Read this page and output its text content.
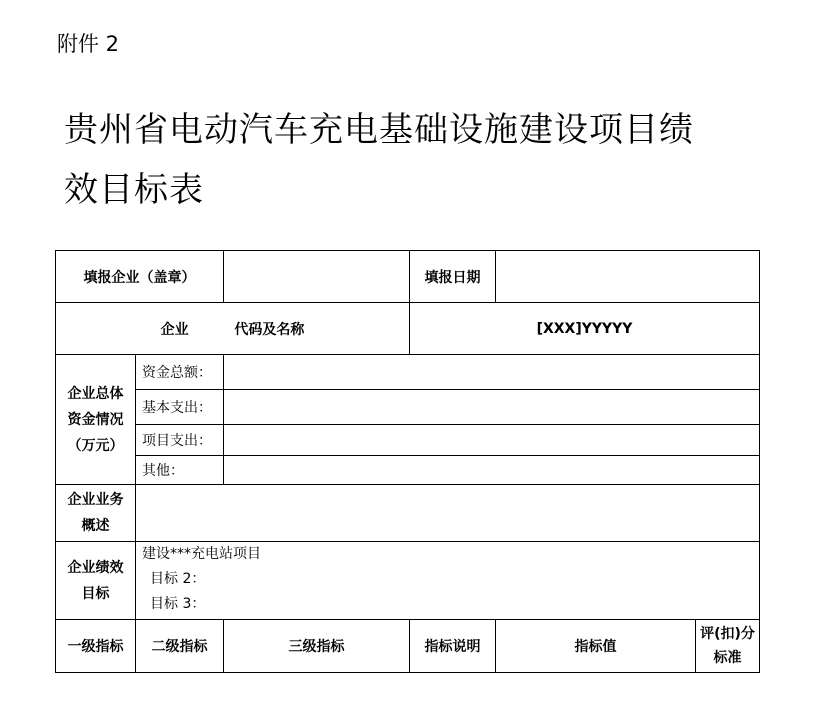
附件 2
贵州省电动汽车充电基础设施建设项目绩
效目标表
填报企业（盖章）			填报日期		
企业 代码及名称			[XXX]YYYYY		
企业总体资金情况（万元）	资金总额：				
	基本支出：				
	项目支出：				
	其他：				
企业业务概述					
企业绩效目标	建设***充电站项目
目标 2：
目标 3：				

一级指标	二级指标	三级指标	指标说明	指标值	评(扣)分标准
